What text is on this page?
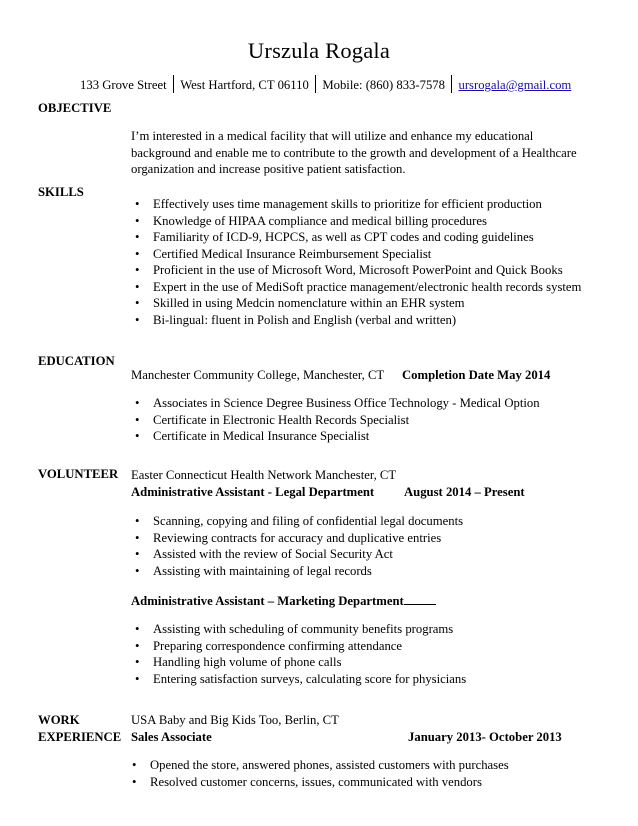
Urszula Rogala
133 Grove Street West Hartford, CT 06110 Mobile: (860) 833-7578 ursrogala@gmail.com
OBJECTIVE
I’m interested in a medical facility that will utilize and enhance my educational background and enable me to contribute to the growth and development of a Healthcare organization and increase positive patient satisfaction.
SKILLS
• Effectively uses time management skills to prioritize for efficient production
• Knowledge of HIPAA compliance and medical billing procedures
• Familiarity of ICD-9, HCPCS, as well as CPT codes and coding guidelines
• Certified Medical Insurance Reimbursement Specialist
• Proficient in the use of Microsoft Word, Microsoft PowerPoint and Quick Books
• Expert in the use of MediSoft practice management/electronic health records system
• Skilled in using Medcin nomenclature within an EHR system
• Bi-lingual: fluent in Polish and English (verbal and written)
EDUCATION
Manchester Community College, Manchester, CT Completion Date May 2014
• Associates in Science Degree Business Office Technology - Medical Option
• Certificate in Electronic Health Records Specialist
• Certificate in Medical Insurance Specialist
VOLUNTEER Easter Connecticut Health Network Manchester, CT
Administrative Assistant - Legal Department August 2014 – Present
• Scanning, copying and filing of confidential legal documents
• Reviewing contracts for accuracy and duplicative entries
• Assisted with the review of Social Security Act
• Assisting with maintaining of legal records
Administrative Assistant – Marketing Department
• Assisting with scheduling of community benefits programs
• Preparing correspondence confirming attendance
• Handling high volume of phone calls
• Entering satisfaction surveys, calculating score for physicians
WORK
EXPERIENCE
USA Baby and Big Kids Too, Berlin, CT
Sales Associate	January 2013- October 2013
• Opened the store, answered phones, assisted customers with purchases
• Resolved customer concerns, issues, communicated with vendors
